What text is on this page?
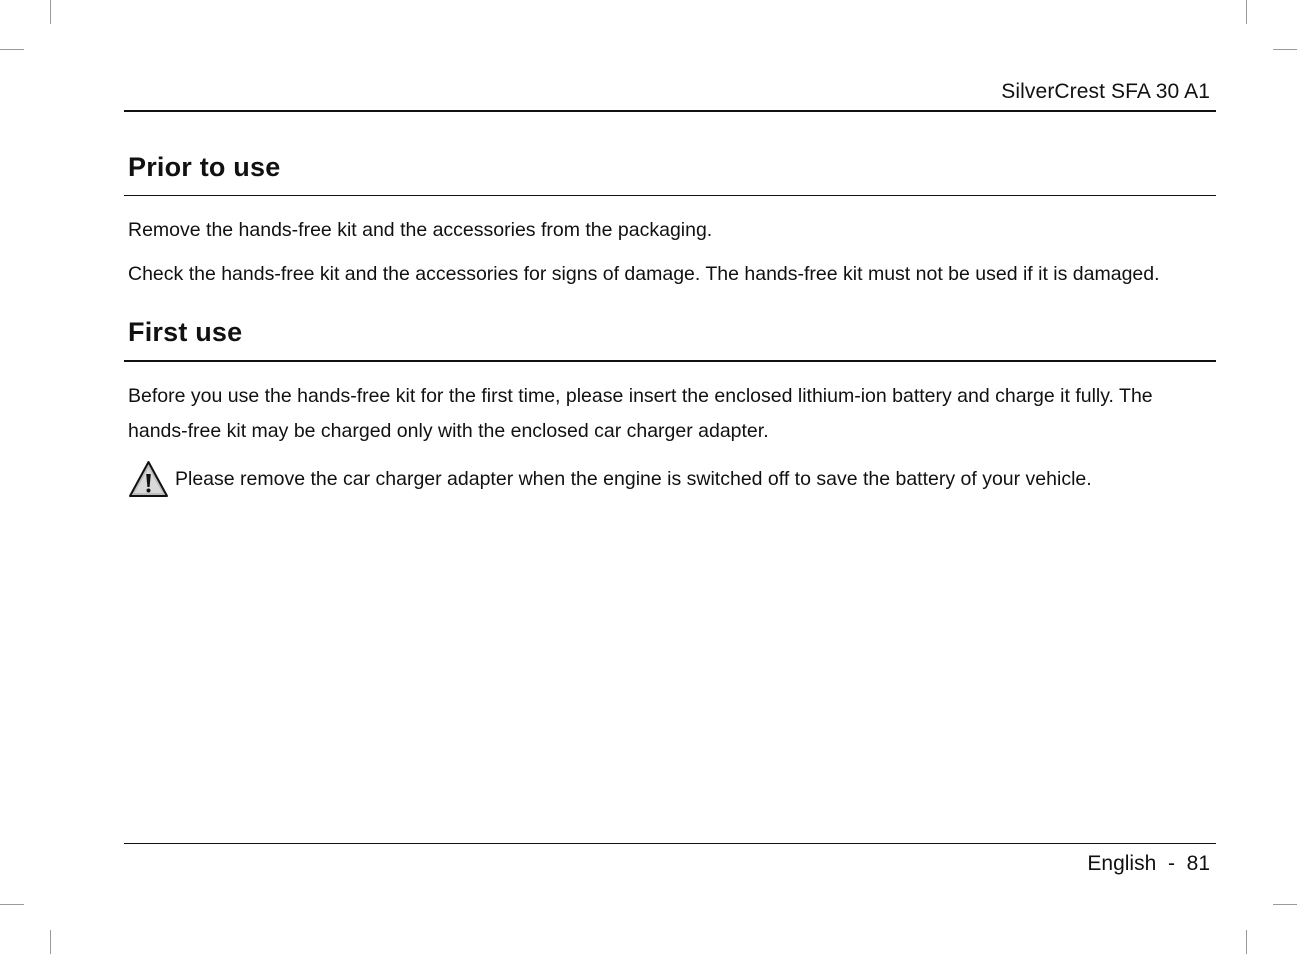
SilverCrest SFA 30 A1
Prior to use
Remove the hands-free kit and the accessories from the packaging.
Check the hands-free kit and the accessories for signs of damage. The hands-free kit must not be used if it is damaged.
First use
Before you use the hands-free kit for the first time, please insert the enclosed lithium-ion battery and charge it fully. The hands-free kit may be charged only with the enclosed car charger adapter.
Please remove the car charger adapter when the engine is switched off to save the battery of your vehicle.
English - 81
